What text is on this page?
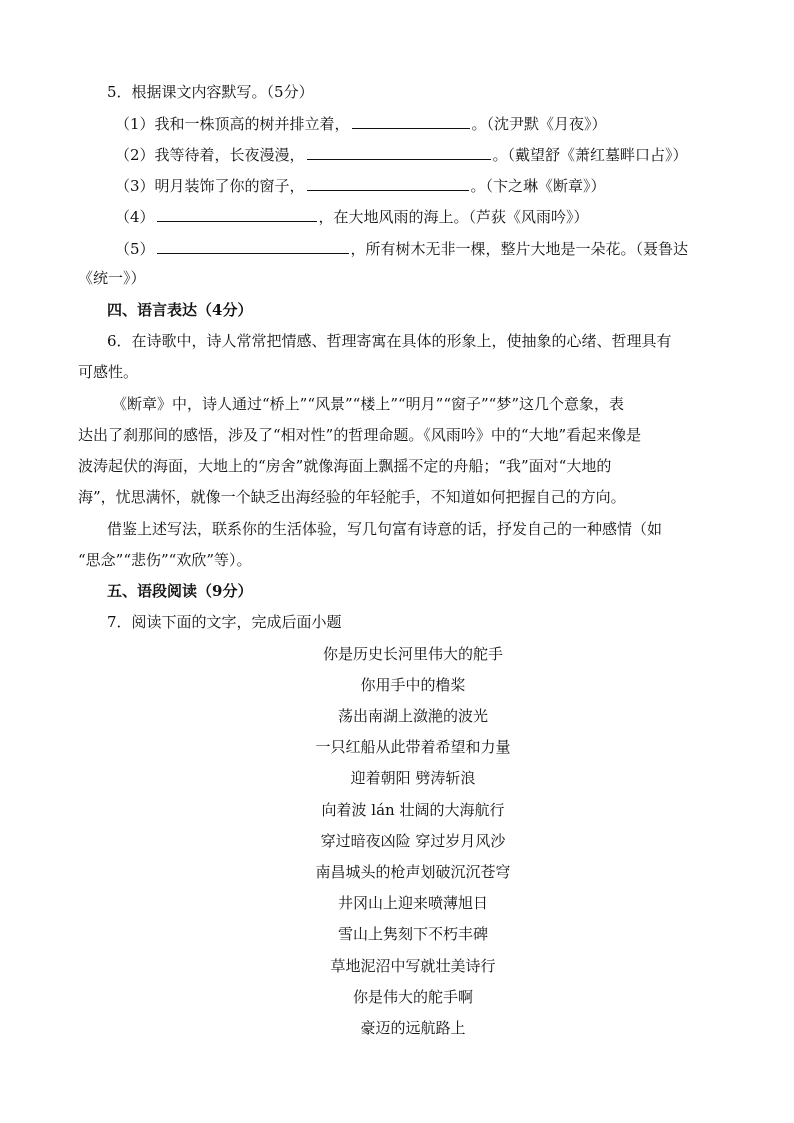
5．根据课文内容默写。（5分）
（1）我和一株顶高的树并排立着，	。（沈尹默《月夜》）
（2）我等待着，长夜漫漫，	。（戴望舒《萧红墓畔口占》）
（3）明月装饰了你的窗子，	。（卞之琳《断章》）
（4）	，在大地风雨的海上。（芦荻《风雨吟》）
（5）	，所有树木无非一棵，整片大地是一朵花。（聂鲁达
《统一》）
四、语言表达（4分）
6．在诗歌中，诗人常常把情感、哲理寄寓在具体的形象上，使抽象的心绪、哲理具有
可感性。
《断章》中，诗人通过“桥上”“风景”“楼上”“明月”“窗子”“梦”这几个意象，表
达出了刹那间的感悟，涉及了“相对性”的哲理命题。《风雨吟》中的“大地”看起来像是
波涛起伏的海面，大地上的“房舍”就像海面上飘摇不定的舟船；“我”面对“大地的
海”，忧思满怀，就像一个缺乏出海经验的年轻舵手，不知道如何把握自己的方向。
借鉴上述写法，联系你的生活体验，写几句富有诗意的话，抒发自己的一种感情（如
“思念”“悲伤”“欢欣”等）。
五、语段阅读（9分）
7．阅读下面的文字，完成后面小题
你是历史长河里伟大的舵手
你用手中的橹桨
荡出南湖上潋滟的波光
一只红船从此带着希望和力量
迎着朝阳 劈涛斩浪
向着波 lán 壮阔的大海航行
穿过暗夜凶险 穿过岁月风沙
南昌城头的枪声划破沉沉苍穹
井冈山上迎来喷薄旭日
雪山上隽刻下不朽丰碑
草地泥沼中写就壮美诗行
你是伟大的舵手啊
豪迈的远航路上
